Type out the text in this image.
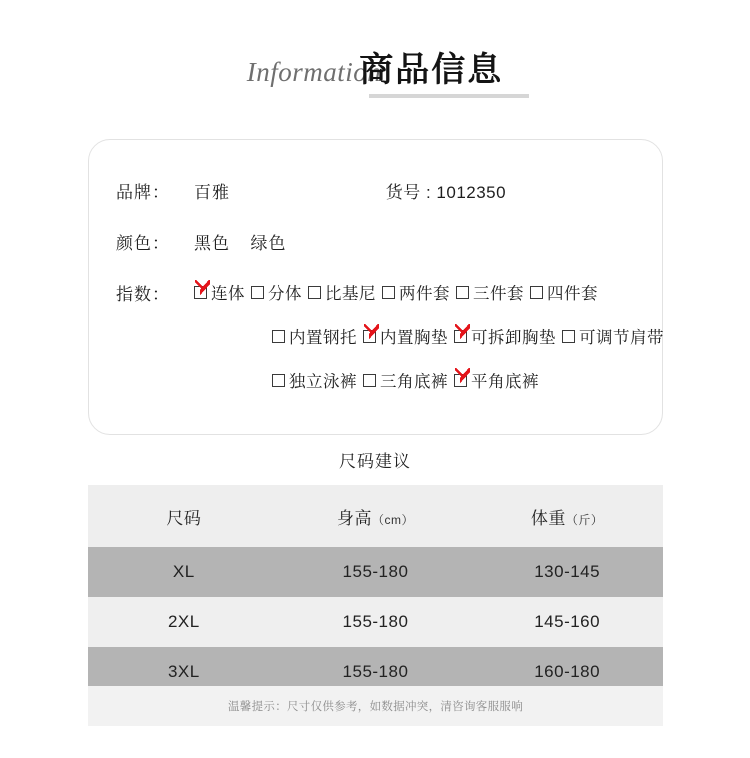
Information
商品信息
品牌：	百雅	货号 : 1012350
颜色：	黑色 绿色
指数：	连体 分体 比基尼 两件套 三件套 四件套
内置钢托 内置胸垫 可拆卸胸垫 可调节肩带
独立泳裤 三角底裤 平角底裤
尺码建议
尺码	身高（cm）	体重（斤）
XL	155-180	130-145
2XL	155-180	145-160
3XL	155-180	160-180
温馨提示：尺寸仅供参考，如数据冲突，清咨询客服服响
